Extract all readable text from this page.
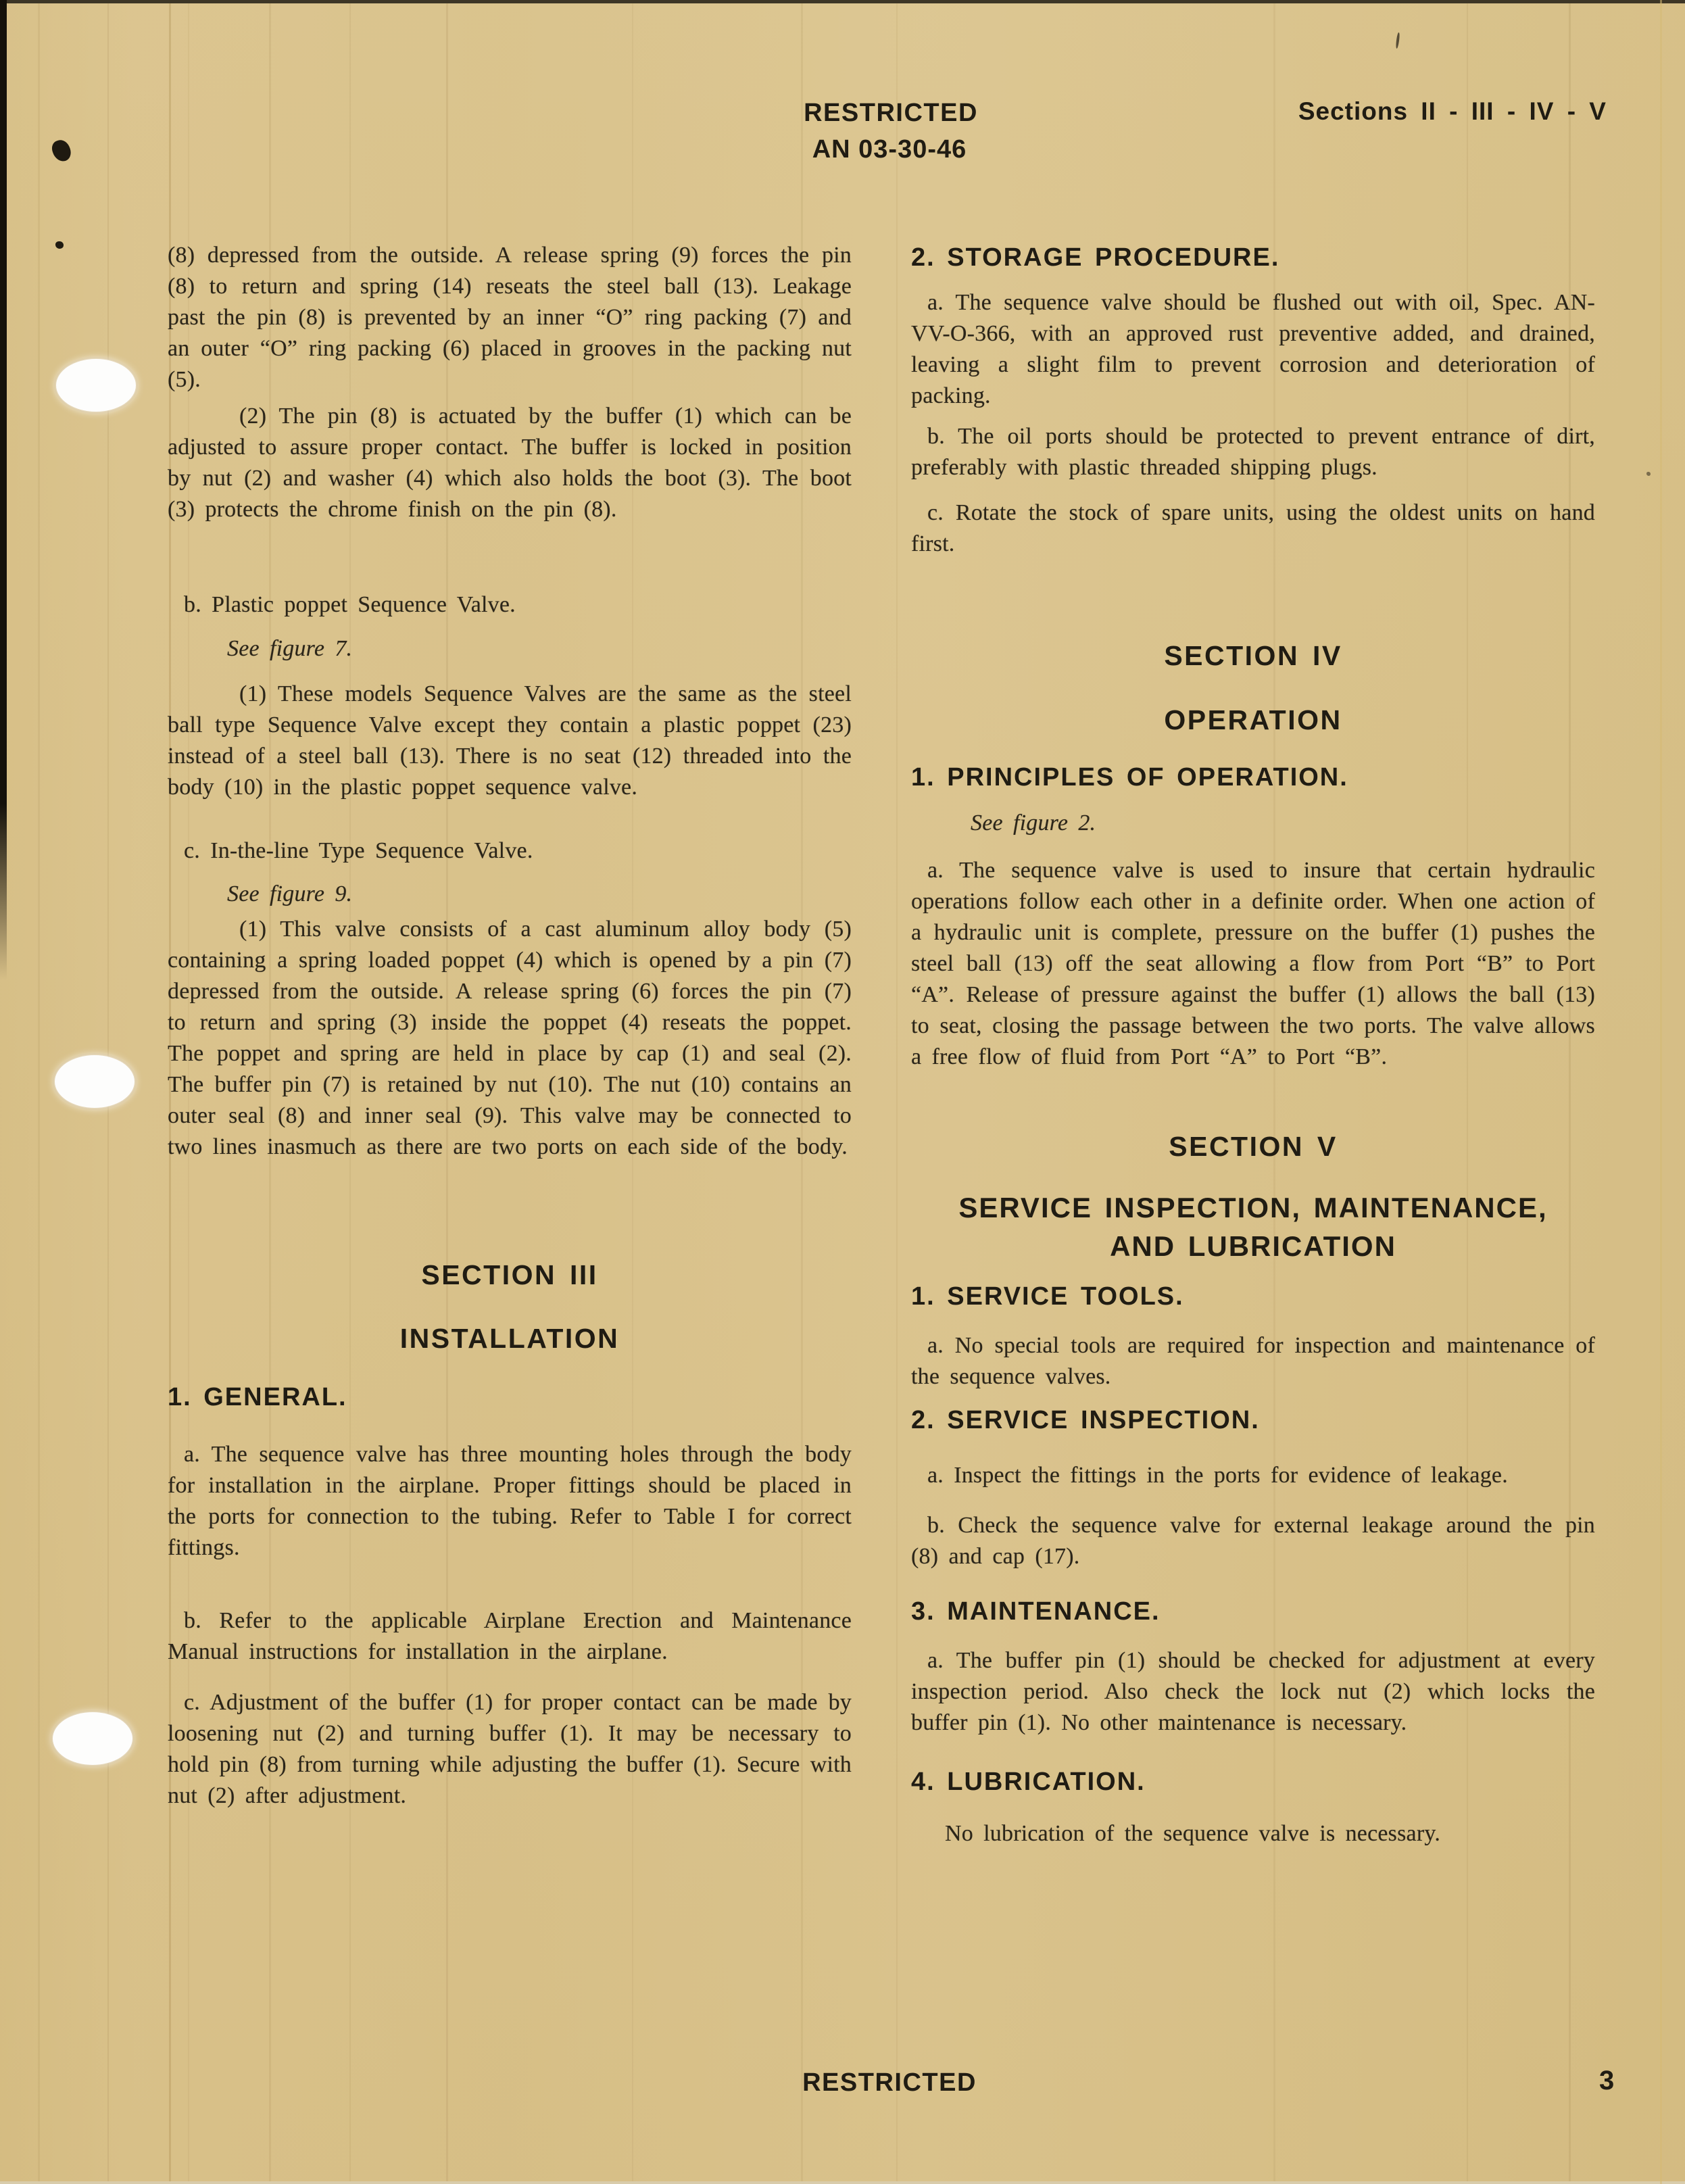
RESTRICTED
AN 03-30-46
Sections II - III - IV - V

(8) depressed from the outside. A release spring (9) forces the pin (8) to return and spring (14) reseats the steel ball (13). Leakage past the pin (8) is prevented by an inner “O” ring packing (7) and an outer “O” ring packing (6) placed in grooves in the packing nut (5).

(2) The pin (8) is actuated by the buffer (1) which can be adjusted to assure proper contact. The buffer is locked in position by nut (2) and washer (4) which also holds the boot (3). The boot (3) protects the chrome finish on the pin (8).

b. Plastic poppet Sequence Valve.

See figure 7.

(1) These models Sequence Valves are the same as the steel ball type Sequence Valve except they contain a plastic poppet (23) instead of a steel ball (13). There is no seat (12) threaded into the body (10) in the plastic poppet sequence valve.

c. In-the-line Type Sequence Valve.

See figure 9.

(1) This valve consists of a cast aluminum alloy body (5) containing a spring loaded poppet (4) which is opened by a pin (7) depressed from the outside. A release spring (6) forces the pin (7) to return and spring (3) inside the poppet (4) reseats the poppet. The poppet and spring are held in place by cap (1) and seal (2). The buffer pin (7) is retained by nut (10). The nut (10) contains an outer seal (8) and inner seal (9). This valve may be connected to two lines inasmuch as there are two ports on each side of the body.

SECTION III
INSTALLATION
1. GENERAL.

a. The sequence valve has three mounting holes through the body for installation in the airplane. Proper fittings should be placed in the ports for connection to the tubing. Refer to Table I for correct fittings.

b. Refer to the applicable Airplane Erection and Maintenance Manual instructions for installation in the airplane.

c. Adjustment of the buffer (1) for proper contact can be made by loosening nut (2) and turning buffer (1). It may be necessary to hold pin (8) from turning while adjusting the buffer (1). Secure with nut (2) after adjustment.

2. STORAGE PROCEDURE.

a. The sequence valve should be flushed out with oil, Spec. AN-VV-O-366, with an approved rust preventive added, and drained, leaving a slight film to prevent corrosion and deterioration of packing.

b. The oil ports should be protected to prevent entrance of dirt, preferably with plastic threaded shipping plugs.

c. Rotate the stock of spare units, using the oldest units on hand first.

SECTION IV
OPERATION
1. PRINCIPLES OF OPERATION.

See figure 2.

a. The sequence valve is used to insure that certain hydraulic operations follow each other in a definite order. When one action of a hydraulic unit is complete, pressure on the buffer (1) pushes the steel ball (13) off the seat allowing a flow from Port “B” to Port “A”. Release of pressure against the buffer (1) allows the ball (13) to seat, closing the passage between the two ports. The valve allows a free flow of fluid from Port “A” to Port “B”.

SECTION V
SERVICE INSPECTION, MAINTENANCE,
AND LUBRICATION
1. SERVICE TOOLS.

a. No special tools are required for inspection and maintenance of the sequence valves.

2. SERVICE INSPECTION.

a. Inspect the fittings in the ports for evidence of leakage.

b. Check the sequence valve for external leakage around the pin (8) and cap (17).

3. MAINTENANCE.

a. The buffer pin (1) should be checked for adjustment at every inspection period. Also check the lock nut (2) which locks the buffer pin (1). No other maintenance is necessary.

4. LUBRICATION.

No lubrication of the sequence valve is necessary.

RESTRICTED	3
